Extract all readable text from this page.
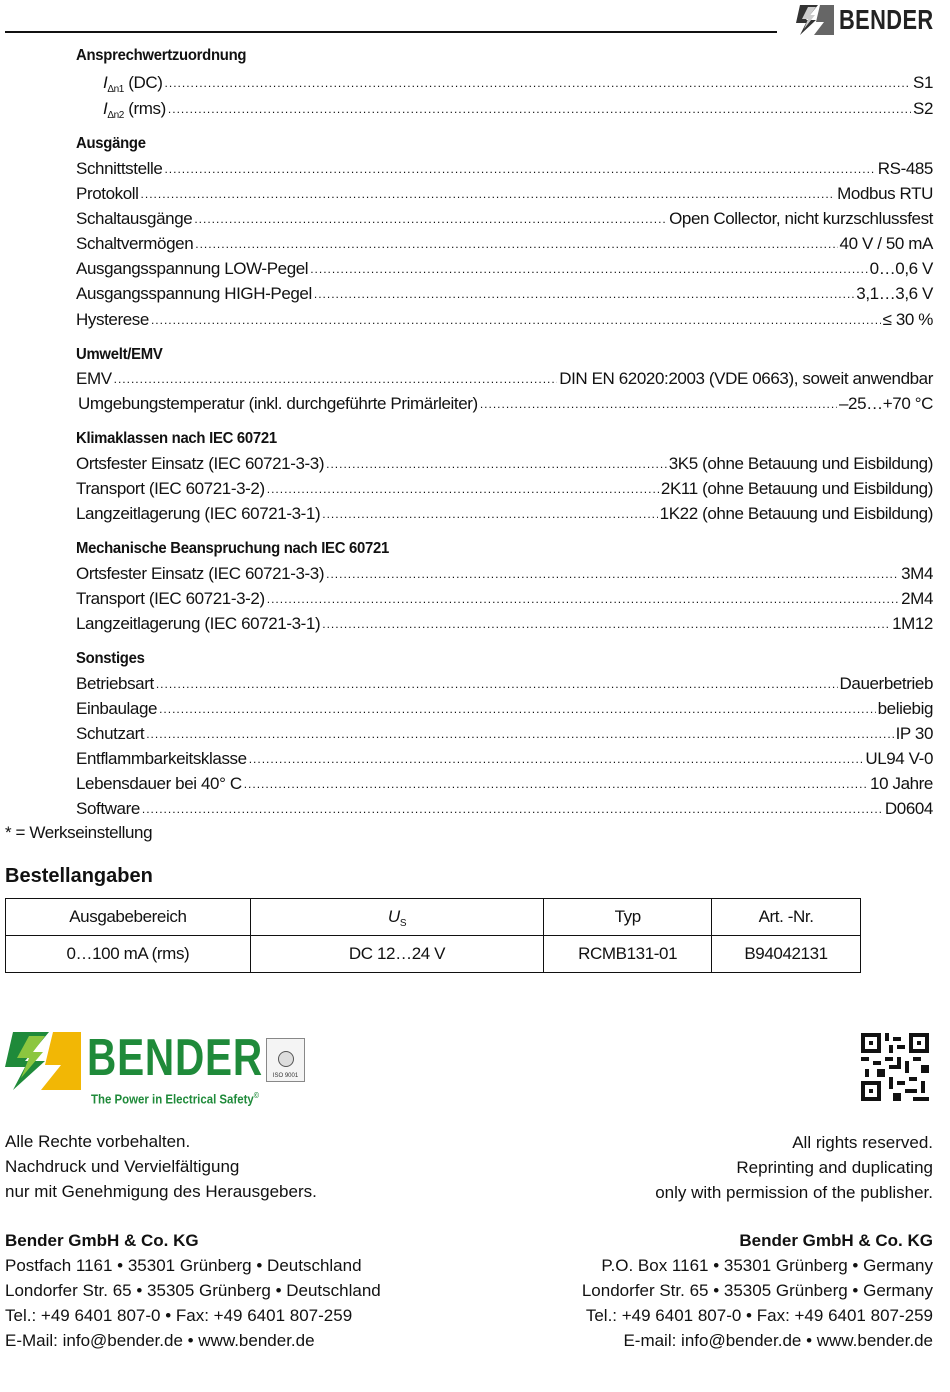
BENDER
Ansprechwertzuordnung
$I_{\Delta n1}$ (DC) .....	S1
$I_{\Delta n2}$ (rms) .....	S2
Ausgänge
Schnittstelle .....	RS-485
Protokoll .....	Modbus RTU
Schaltausgänge .....	Open Collector, nicht kurzschlussfest
Schaltvermögen .....	40 V / 50 mA
Ausgangsspannung LOW-Pegel .....	0…0,6 V
Ausgangsspannung HIGH-Pegel .....	3,1…3,6 V
Hysterese .....	≤ 30 %
Umwelt/EMV
EMV .....	DIN EN 62020:2003 (VDE 0663), soweit anwendbar
Umgebungstemperatur (inkl. durchgeführte Primärleiter) .....	–25…+70 °C
Klimaklassen nach IEC 60721
Ortsfester Einsatz (IEC 60721-3-3) .....	3K5 (ohne Betauung und Eisbildung)
Transport (IEC 60721-3-2) .....	2K11 (ohne Betauung und Eisbildung)
Langzeitlagerung (IEC 60721-3-1) .....	1K22 (ohne Betauung und Eisbildung)
Mechanische Beanspruchung nach IEC 60721
Ortsfester Einsatz (IEC 60721-3-3) .....	3M4
Transport (IEC 60721-3-2) .....	2M4
Langzeitlagerung (IEC 60721-3-1) .....	1M12
Sonstiges
Betriebsart .....	Dauerbetrieb
Einbaulage .....	beliebig
Schutzart .....	IP 30
Entflammbarkeitsklasse .....	UL94 V-0
Lebensdauer bei 40° C .....	10 Jahre
Software .....	D0604
* = Werkseinstellung
Bestellangaben
Ausgabebereich	$U_S$	Typ	Art. -Nr.
0…100 mA (rms)	DC 12…24 V	RCMB131-01	B94042131
BENDER
The Power in Electrical Safety©
ISO 9001
Alle Rechte vorbehalten.
Nachdruck und Vervielfältigung
nur mit Genehmigung des Herausgebers.
All rights reserved.
Reprinting and duplicating
only with permission of the publisher.
Bender GmbH & Co. KG
Postfach 1161 • 35301 Grünberg • Deutschland
Londorfer Str. 65 • 35305 Grünberg • Deutschland
Tel.: +49 6401 807-0 • Fax: +49 6401 807-259
E-Mail: info@bender.de • www.bender.de
Bender GmbH & Co. KG
P.O. Box 1161 • 35301 Grünberg • Germany
Londorfer Str. 65 • 35305 Grünberg • Germany
Tel.: +49 6401 807-0 • Fax: +49 6401 807-259
E-mail: info@bender.de • www.bender.de
